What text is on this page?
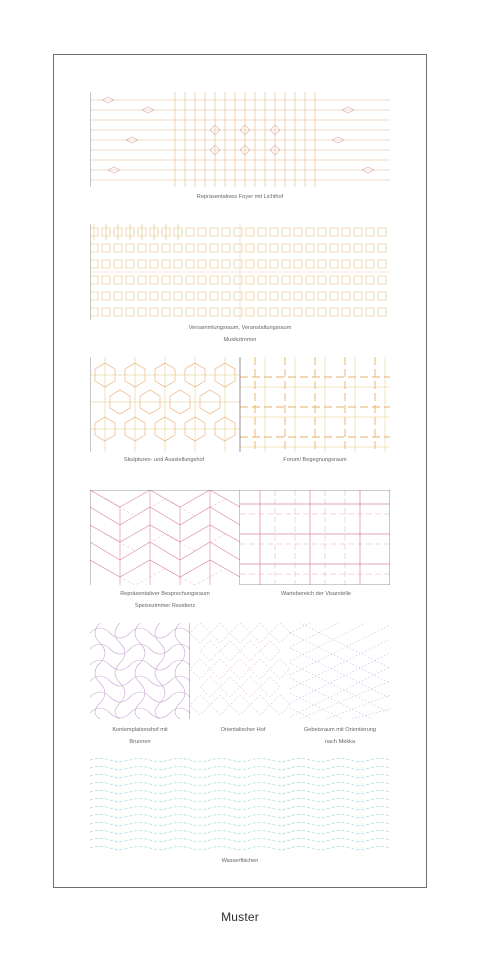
Repräsentatives Foyer mit Lichthof
Versammlungsraum, Veranstaltungsraum
Musikzimmer
Skulpturen- und Ausstellungshof	Forum/ Begegnungsraum
Repräsentativer Besprechungsraum
Speisezimmer Residenz
Wartebereich der Visarstelle
Kontemplationshof mit
Brunnen
Orientalischer Hof	Gebetsraum mit Orientierung
nach Mekka
Wasserflächen
Muster
